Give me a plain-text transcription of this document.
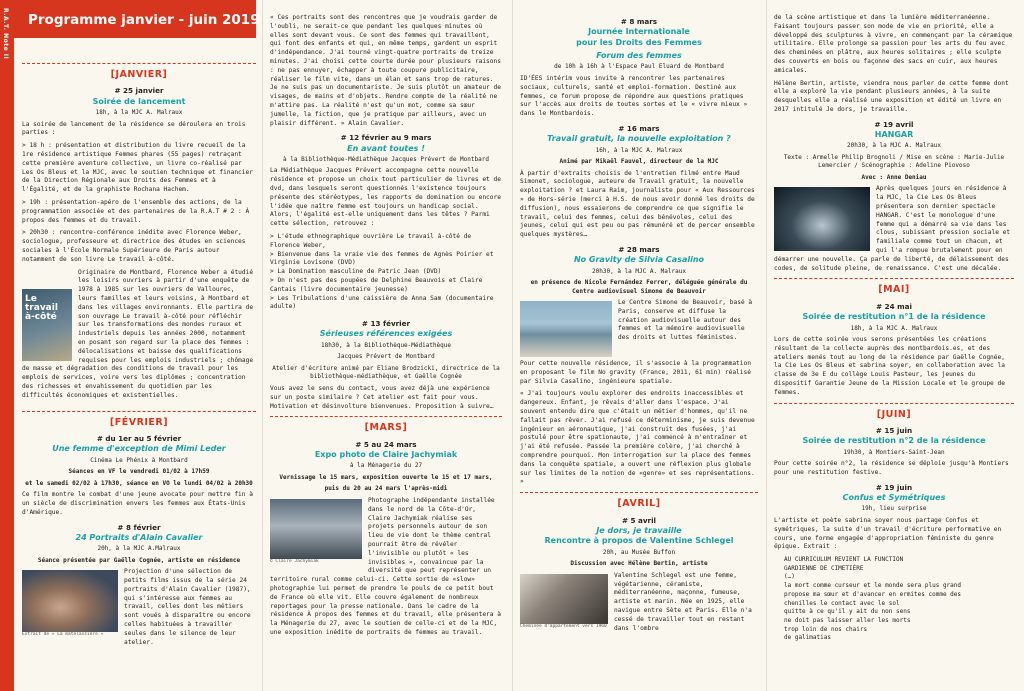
R.A.T. Note II	Programme janvier - juin 2019
[JANVIER]
# 25 janvier
Soirée de lancement
18h, à la MJC A. Malraux

La soirée de lancement de la résidence se déroulera en trois parties :

> 18 h : présentation et distribution du livre recueil de la 1re résidence artistique Femmes phares (55 pages) retraçant cette première aventure collective, un livre co-réalisé par Les Os Bleus et la MJC, avec le soutien technique et financier de la Direction Régionale aux Droits des Femmes et à l'Égalité, et de la graphiste Rochana Hachem.

> 19h : présentation-apéro de l'ensemble des actions, de la programmation associée et des partenaires de la R.A.T # 2 : À propos des femmes et du travail.

> 20h30 : rencontre-conférence inédite avec Florence Weber, sociologue, professeure et directrice des études en sciences sociales à l'École Normale Supérieure de Paris autour notamment de son livre Le travail à-côté.

Le travail à-côté

Originaire de Montbard, Florence Weber a étudié les loisirs ouvriers à partir d'une enquête de 1978 à 1985 sur les ouvriers de Vallourec, leurs familles et leurs voisins, à Montbard et dans les villages environnants. Elle partira de son ouvrage Le travail à-côté pour réfléchir sur les transformations des mondes ruraux et industriels depuis les années 2000, notamment en posant son regard sur la place des femmes : délocalisations et baisse des qualifications requises pour les emplois industriels ; chômage de masse et dégradation des conditions de travail pour les emplois de services, voire vers les diplômes ; concentration des richesses et envahissement du quotidien par les difficultés économiques et existentielles.

[FÉVRIER]
# du 1er au 5 février
Une femme d'exception de Mimi Leder
Cinéma Le Phénix à Montbard
Séances en VF le vendredi 01/02 à 17h59
et le samedi 02/02 à 17h30, séance en VO le lundi 04/02 à 20h30

Ce film montre le combat d'une jeune avocate pour mettre fin à un siècle de discrimination envers les femmes aux États-Unis d'Amérique.

# 8 février
24 Portraits d'Alain Cavalier
20h, à la MJC A.Malraux
Séance présentée par Gaëlle Cognée, artiste en résidence
Extrait de « La matelassière »

Projection d'une sélection de petits films issus de la série 24 portraits d'Alain Cavalier (1987), qui s'intéresse aux femmes au travail, celles dont les métiers sont voués à disparaître ou encore celles habituées à travailler seules dans le silence de leur atelier.

« Ces portraits sont des rencontres que je voudrais garder de l'oubli, ne serait-ce que pendant les quelques minutes où elles sont devant vous. Ce sont des femmes qui travaillent, qui font des enfants et qui, en même temps, gardent un esprit d'indépendance. J'ai tourné vingt-quatre portraits de treize minutes. J'ai choisi cette courte durée pour plusieurs raisons : ne pas ennuyer, échapper à toute coupure publicitaire, réaliser le film vite, dans un élan et sans trop de ratures. Je ne suis pas un documentariste. Je suis plutôt un amateur de visages, de mains et d'objets. Rendre compte de la réalité ne m'attire pas. La réalité n'est qu'un mot, comme sa sœur jumelle, la fiction, que je pratique par ailleurs, avec un plaisir différent. » Alain Cavalier.

# 12 février au 9 mars
En avant toutes !
à la Bibliothèque-Médiathèque Jacques Prévert de Montbard

La Médiathèque Jacques Prévert accompagne cette nouvelle résidence et propose un choix tout particulier de livres et de dvd, dans lesquels seront questionnés l'existence toujours présente des stéréotypes, les rapports de domination ou encore l'idée que naître femme est toujours un handicap social. Alors, l'égalité est-elle uniquement dans les têtes ? Parmi cette sélection, retrouvez :

> L'étude ethnographique ouvrière Le travail à-côté de Florence Weber,
> Bienvenue dans la vraie vie des femmes de Agnès Poirier et Virginie Lovisone (DVD)
> La Domination masculine de Patric Jean (DVD)
> On n'est pas des poupées de Delphine Beauvois et Claire Cantais (livre documentaire jeunesse)
> Les Tribulations d'une caissière de Anna Sam (documentaire adulte)
# 13 février
Sérieuses références exigées
18h30, à la Bibliothèque-Médiathèque
Jacques Prévert de Montbard
Atelier d'écriture animé par Eliane Brodzicki, directrice de la bibliothèque-médiathèque, et Gaëlle Cognée

Vous avez le sens du contact, vous avez déjà une expérience sur un poste similaire ? Cet atelier est fait pour vous. Motivation et désinvolture bienvenues. Proposition à suivre…

[MARS]
# 5 au 24 mars
Expo photo de Claire Jachymiak
à la Ménagerie du 27
Vernissage le 15 mars, exposition ouverte le 15 et 17 mars,
puis du 20 au 24 mars l'après-midi
© Claire Jachymiak

Photographe indépendante installée dans le nord de la Côte-d'Or, Claire Jachymiak réalise ses projets personnels autour de son lieu de vie dont le thème central pourrait être de révéler l'invisible ou plutôt « les invisibles », convaincue par la diversité que peut représenter un territoire rural comme celui-ci. Cette sortie de «slow» photographie lui permet de prendre le pouls de ce petit bout de France où elle vit. Elle couvre également de nombreux reportages pour la presse nationale. Dans le cadre de la résidence À propos des femmes et du travail, elle présentera à la Ménagerie du 27, avec le soutien de celle-ci et de la MJC, une exposition inédite de portraits de femmes au travail.

# 8 mars
Journée Internationale
pour les Droits des Femmes
Forum des femmes
de 10h à 16h à l'Espace Paul Eluard de Montbard

ID'ÉES intérim vous invite à rencontrer les partenaires sociaux, culturels, santé et emploi-formation. Destiné aux femmes, ce forum propose de répondre aux questions pratiques sur l'accès aux droits de toutes sortes et le « vivre mieux » dans le Montbardois.

# 16 mars
Travail gratuit, la nouvelle exploitation ?
16h, à la MJC A. Malraux
Animé par Mikaël Fauvel, directeur de la MJC

À partir d'extraits choisis de l'entretien filmé entre Maud Simonet, sociologue, auteure de Travail gratuit, la nouvelle exploitation ? et Laura Raim, journaliste pour « Aux Ressources » de Hors-série (merci à H.S. de nous avoir donné les droits de diffusion), nous essaierons de comprendre ce que signifie le travail, celui des femmes, celui des bénévoles, celui des jeunes, celui qui est peu ou pas rémunéré et de percer ensemble quelques mystères…

# 28 mars
No Gravity de Silvia Casalino
20h30, à la MJC A. Malraux
en présence de Nicole Fernández Ferrer, déléguée générale du Centre audiovisuel Simone de Beauvoir

Le Centre Simone de Beauvoir, basé à Paris, conserve et diffuse la création audiovisuelle autour des femmes et la mémoire audiovisuelle des droits et luttes féministes.

Pour cette nouvelle résidence, il s'associe à la programmation en proposant le film No gravity (France, 2011, 61 min) réalisé par Silvia Casalino, ingénieure spatiale.

« J'ai toujours voulu explorer des endroits inaccessibles et dangereux. Enfant, je rêvais d'aller dans l'espace. J'ai souvent entendu dire que c'était un métier d'hommes, qu'il ne fallait pas rêver. J'ai refusé ce déterminisme, je suis devenue ingénieur en aéronautique, j'ai construit des fusées, j'ai postulé pour être spationaute, j'ai commencé à m'entraîner et j'ai été refusée. Passée la première colère, j'ai cherché à comprendre pourquoi. Mon interrogation sur la place des femmes dans la conquête spatiale, a ouvert une réflexion plus globale sur les limites de la notion de «genre» et ses représentations. »

[AVRIL]
# 5 avril
Je dors, je travaille
Rencontre à propos de Valentine Schlegel
20h, au Musée Buffon
Discussion avec Hélène Bertin, artiste
Cheminée d'appartement vers 1960

Valentine Schlegel est une femme, végétarienne, céramiste, méditerranéenne, maçonne, fumeuse, artiste et marin. Née en 1925, elle navigue entre Sète et Paris. Elle n'a cessé de travailler tout en restant dans l'ombre

de la scène artistique et dans la lumière méditerranéenne. Faisant toujours passer son mode de vie en priorité, elle a développé des sculptures à vivre, en commençant par la céramique utilitaire. Elle prolonge sa passion pour les arts du feu avec des cheminées en plâtre, aux heures solitaires ; elle sculpte des couverts en bois ou façonne des sacs en cuir, aux heures amicales.

Hélène Bertin, artiste, viendra nous parler de cette femme dont elle a exploré la vie pendant plusieurs années, à la suite desquelles elle a réalisé une exposition et édité un livre en 2017 intitulé Je dors, je travaille.

# 19 avril
HANGAR
20h30, à la MJC A. Malraux
Texte : Armelle Philip Brognoli / Mise en scène : Marie-Julie Lemercier / Scénographie : Adeline Piovoso
Avec : Anne Deniau

Après quelques jours en résidence à la MJC, la Cie Les Os Bleus présentera son dernier spectacle HANGAR. C'est le monologue d'une femme qui a démarré sa vie dans les clous, subissant pression sociale et familiale comme tout un chacun, et qui l'a rompue brutalement pour en démarrer une nouvelle. Ça parle de liberté, de délaissement des codes, de solitude pleine, de renaissance. C'est une décalée.

[MAI]
# 24 mai
Soirée de restitution n°1 de la résidence
18h, à la MJC A. Malraux

Lors de cette soirée vous serons présentées les créations résultant de la collecte auprès des montbardois.es, et des ateliers menés tout au long de la résidence par Gaëlle Cognée, la Cie Les Os Bleus et sabrina soyer, en collaboration avec la classe de 3e E du collège Louis Pasteur, les jeunes du dispositif Garantie Jeune de la Mission Locale et le groupe de femmes.

[JUIN]
# 15 juin
Soirée de restitution n°2 de la résidence
19h30, à Montiers-Saint-Jean

Pour cette soirée n°2, la résidence se déploie jusqu'à Montiers pour une restitution festive.

# 19 juin
Confus et Symétriques
19h, lieu surprise

L'artiste et poète sabrina soyer nous partage Confus et symétriques, la suite d'un travail d'écriture performative en cours, une forme engagée d'appropriation féministe du genre épique. Extrait :

AU CURRICULUM REVIENT LA FUNCTION
GARDIENNE DE CIMETIÈRE
(…)
la mort comme curseur et le monde sera plus grand
propose ma sœur et d'avancer en ermites comme des
chenilles le contact avec le sol
quitte à ce qu'il y ait du non sens
ne doit pas laisser aller les morts
trop loin de nos chairs
de galimatias
